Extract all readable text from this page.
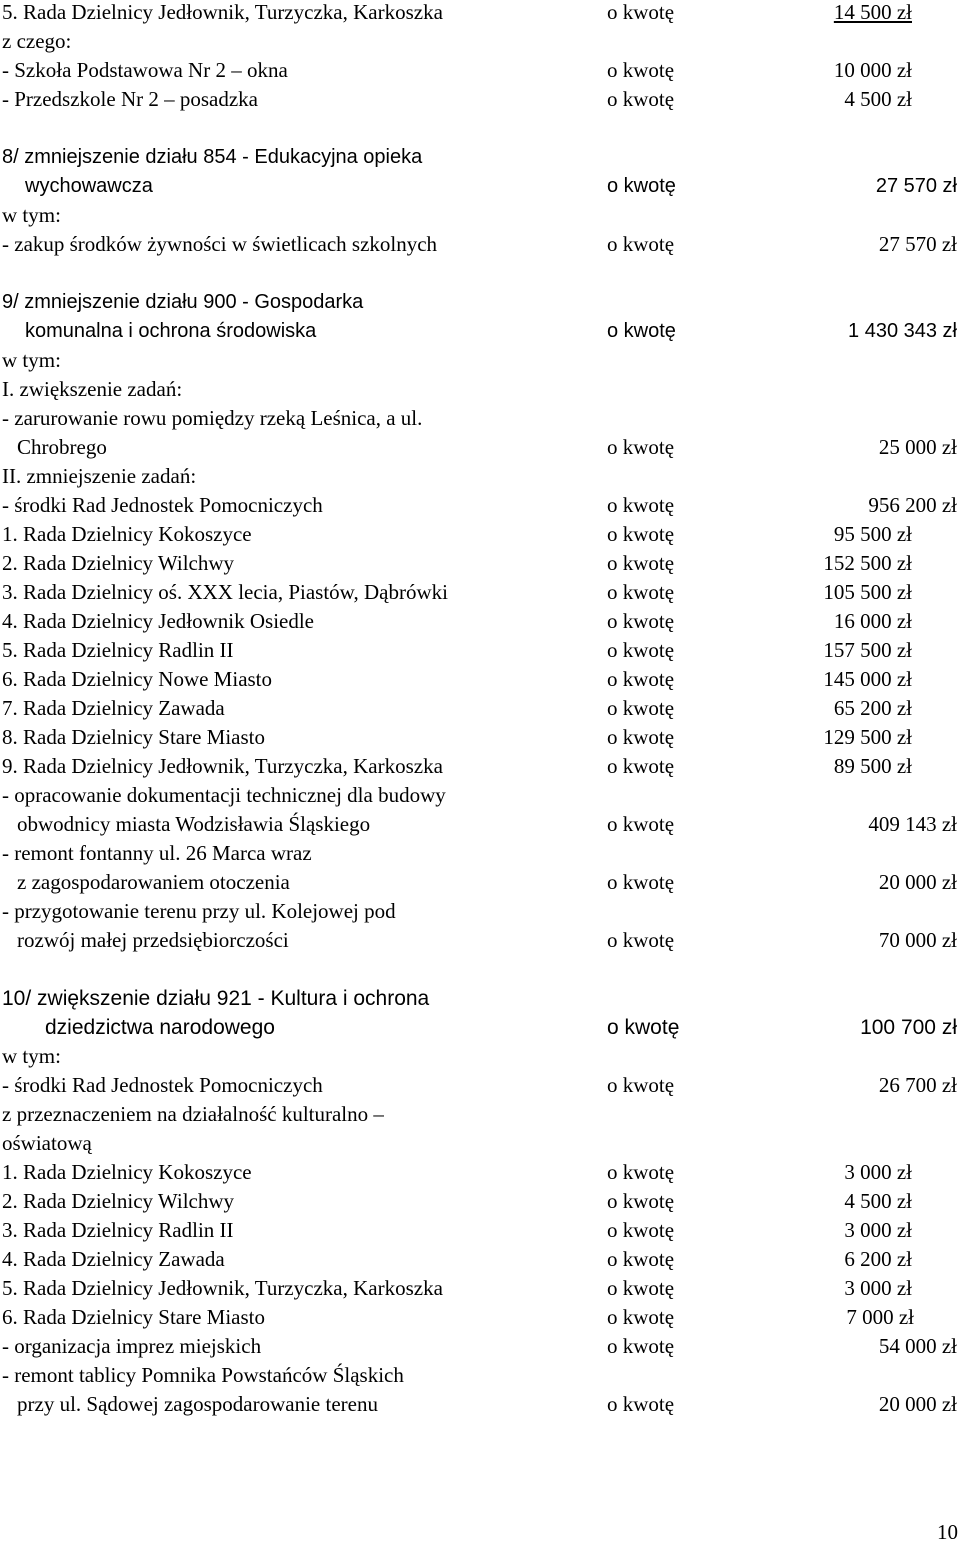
5. Rada Dzielnicy Jedłownik, Turzyczka, Karkoszka	o kwotę	14 500 zł
z czego:
- Szkoła Podstawowa Nr 2 – okna	o kwotę	10 000 zł
- Przedszkole Nr 2 – posadzka	o kwotę	4 500 zł
8/ zmniejszenie działu 854 - Edukacyjna opieka
wychowawcza	o kwotę	27 570 zł
w tym:
- zakup środków żywności w świetlicach szkolnych	o kwotę	27 570 zł
9/ zmniejszenie działu 900 - Gospodarka
komunalna i ochrona środowiska	o kwotę	1 430 343 zł
w tym:
I. zwiększenie zadań:
- zarurowanie rowu pomiędzy rzeką Leśnica, a ul.
Chrobrego	o kwotę	25 000 zł
II. zmniejszenie zadań:
- środki Rad Jednostek Pomocniczych	o kwotę	956 200 zł
1. Rada Dzielnicy Kokoszyce	o kwotę	95 500 zł
2. Rada Dzielnicy Wilchwy	o kwotę	152 500 zł
3. Rada Dzielnicy oś. XXX lecia, Piastów, Dąbrówki	o kwotę	105 500 zł
4. Rada Dzielnicy Jedłownik Osiedle	o kwotę	16 000 zł
5. Rada Dzielnicy Radlin II	o kwotę	157 500 zł
6. Rada Dzielnicy Nowe Miasto	o kwotę	145 000 zł
7. Rada Dzielnicy Zawada	o kwotę	65 200 zł
8. Rada Dzielnicy Stare Miasto	o kwotę	129 500 zł
9. Rada Dzielnicy Jedłownik, Turzyczka, Karkoszka	o kwotę	89 500 zł
- opracowanie dokumentacji technicznej dla budowy
obwodnicy miasta Wodzisławia Śląskiego	o kwotę	409 143 zł
- remont fontanny ul. 26 Marca wraz
z zagospodarowaniem otoczenia	o kwotę	20 000 zł
- przygotowanie terenu przy ul. Kolejowej pod
rozwój małej przedsiębiorczości	o kwotę	70 000 zł
10/ zwiększenie działu 921 - Kultura i ochrona
dziedzictwa narodowego	o kwotę	100 700 zł
w tym:
- środki Rad Jednostek Pomocniczych	o kwotę	26 700 zł
z przeznaczeniem na działalność kulturalno –
oświatową
1. Rada Dzielnicy Kokoszyce	o kwotę	3 000 zł
2. Rada Dzielnicy Wilchwy	o kwotę	4 500 zł
3. Rada Dzielnicy Radlin II	o kwotę	3 000 zł
4. Rada Dzielnicy Zawada	o kwotę	6 200 zł
5. Rada Dzielnicy Jedłownik, Turzyczka, Karkoszka	o kwotę	3 000 zł
6. Rada Dzielnicy Stare Miasto	o kwotę	7 000 zł
- organizacja imprez miejskich	o kwotę	54 000 zł
- remont tablicy Pomnika Powstańców Śląskich
przy ul. Sądowej zagospodarowanie terenu	o kwotę	20 000 zł
10
